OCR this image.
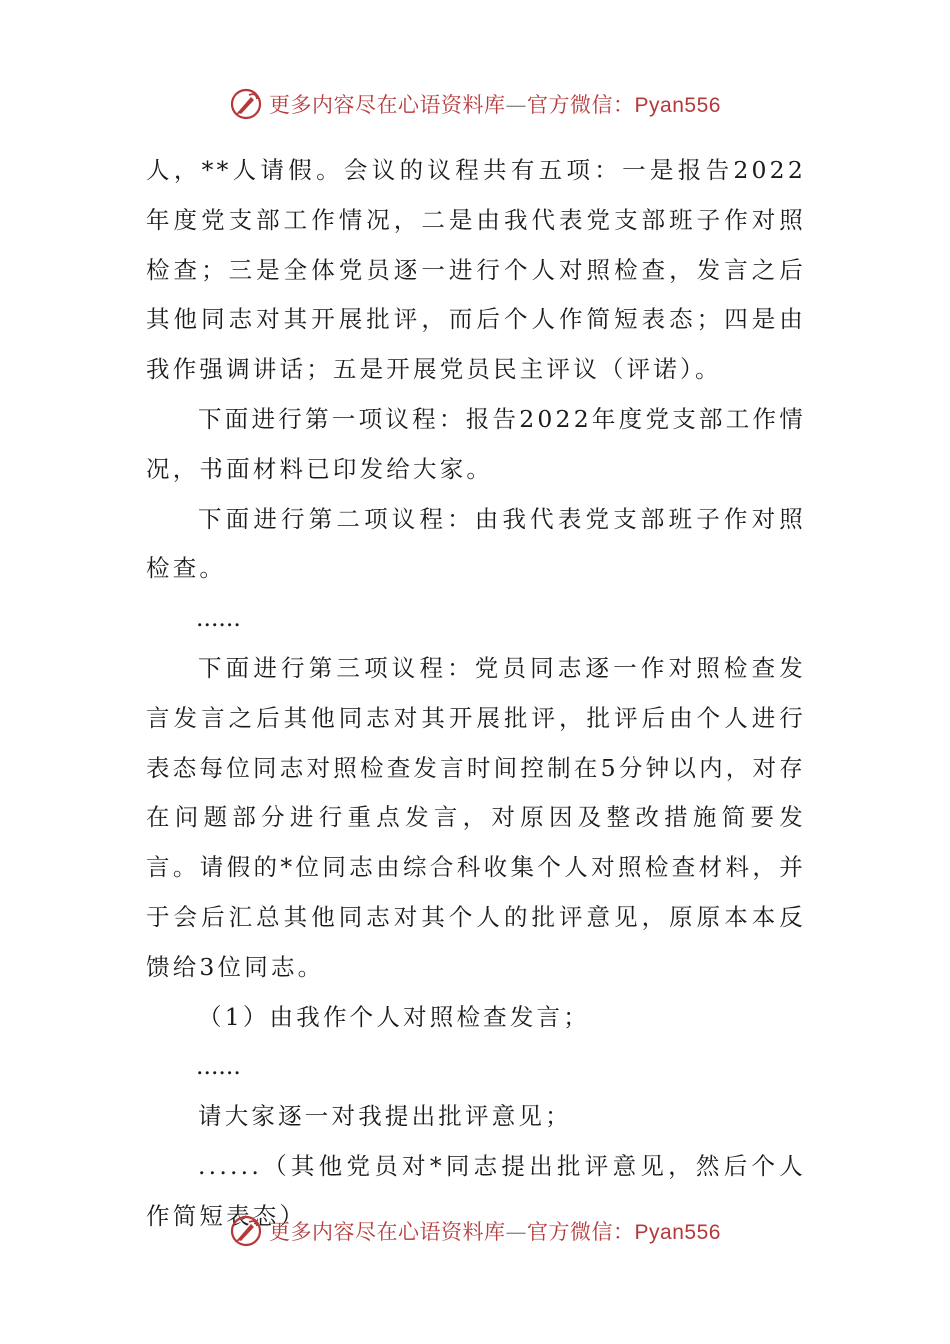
更多内容尽在心语资料库—官方微信：Pyan556

人，**人请假。会议的议程共有五项：一是报告2022年度党支部工作情况，二是由我代表党支部班子作对照检查；三是全体党员逐一进行个人对照检查，发言之后其他同志对其开展批评，而后个人作简短表态；四是由我作强调讲话；五是开展党员民主评议（评诺）。

下面进行第一项议程：报告2022年度党支部工作情况，书面材料已印发给大家。

下面进行第二项议程：由我代表党支部班子作对照检查。

......

下面进行第三项议程：党员同志逐一作对照检查发言发言之后其他同志对其开展批评，批评后由个人进行表态每位同志对照检查发言时间控制在5分钟以内，对存在问题部分进行重点发言，对原因及整改措施简要发言。请假的*位同志由综合科收集个人对照检查材料，并于会后汇总其他同志对其个人的批评意见，原原本本反馈给3位同志。

（1）由我作个人对照检查发言；

......

请大家逐一对我提出批评意见；

......（其他党员对*同志提出批评意见，然后个人作简短表态）

更多内容尽在心语资料库—官方微信：Pyan556
